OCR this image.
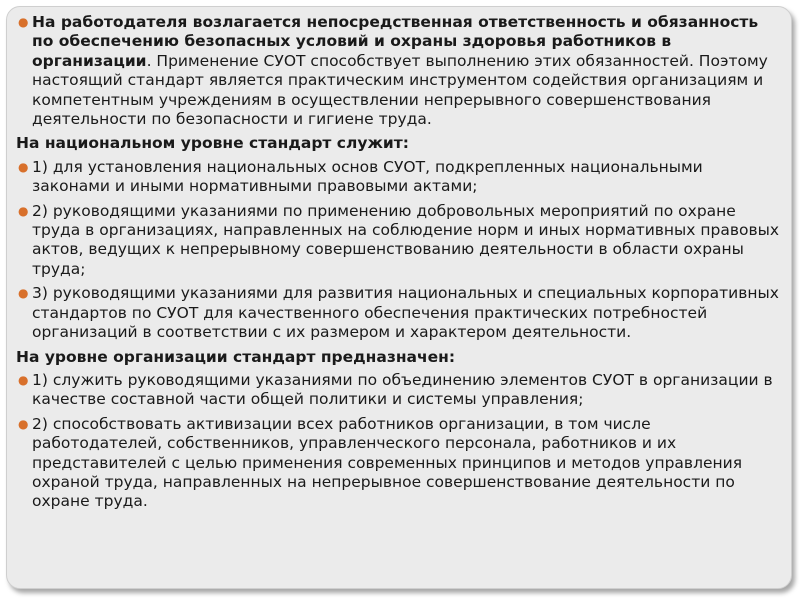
● На работодателя возлагается непосредственная ответственность и обязанность по обеспечению безопасных условий и охраны здоровья работников в организации. Применение СУОТ способствует выполнению этих обязанностей. Поэтому настоящий стандарт является практическим инструментом содействия организациям и компетентным учреждениям в осуществлении непрерывного совершенствования деятельности по безопасности и гигиене труда.
На национальном уровне стандарт служит:
● 1) для установления национальных основ СУОТ, подкрепленных национальными законами и иными нормативными правовыми актами;
● 2) руководящими указаниями по применению добровольных мероприятий по охране труда в организациях, направленных на соблюдение норм и иных нормативных правовых актов, ведущих к непрерывному совершенствованию деятельности в области охраны труда;
● 3) руководящими указаниями для развития национальных и специальных корпоративных стандартов по СУОТ для качественного обеспечения практических потребностей организаций в соответствии с их размером и характером деятельности.
На уровне организации стандарт предназначен:
● 1) служить руководящими указаниями по объединению элементов СУОТ в организации в качестве составной части общей политики и системы управления;
● 2) способствовать активизации всех работников организации, в том числе работодателей, собственников, управленческого персонала, работников и их представителей с целью применения современных принципов и методов управления охраной труда, направленных на непрерывное совершенствование деятельности по охране труда.
